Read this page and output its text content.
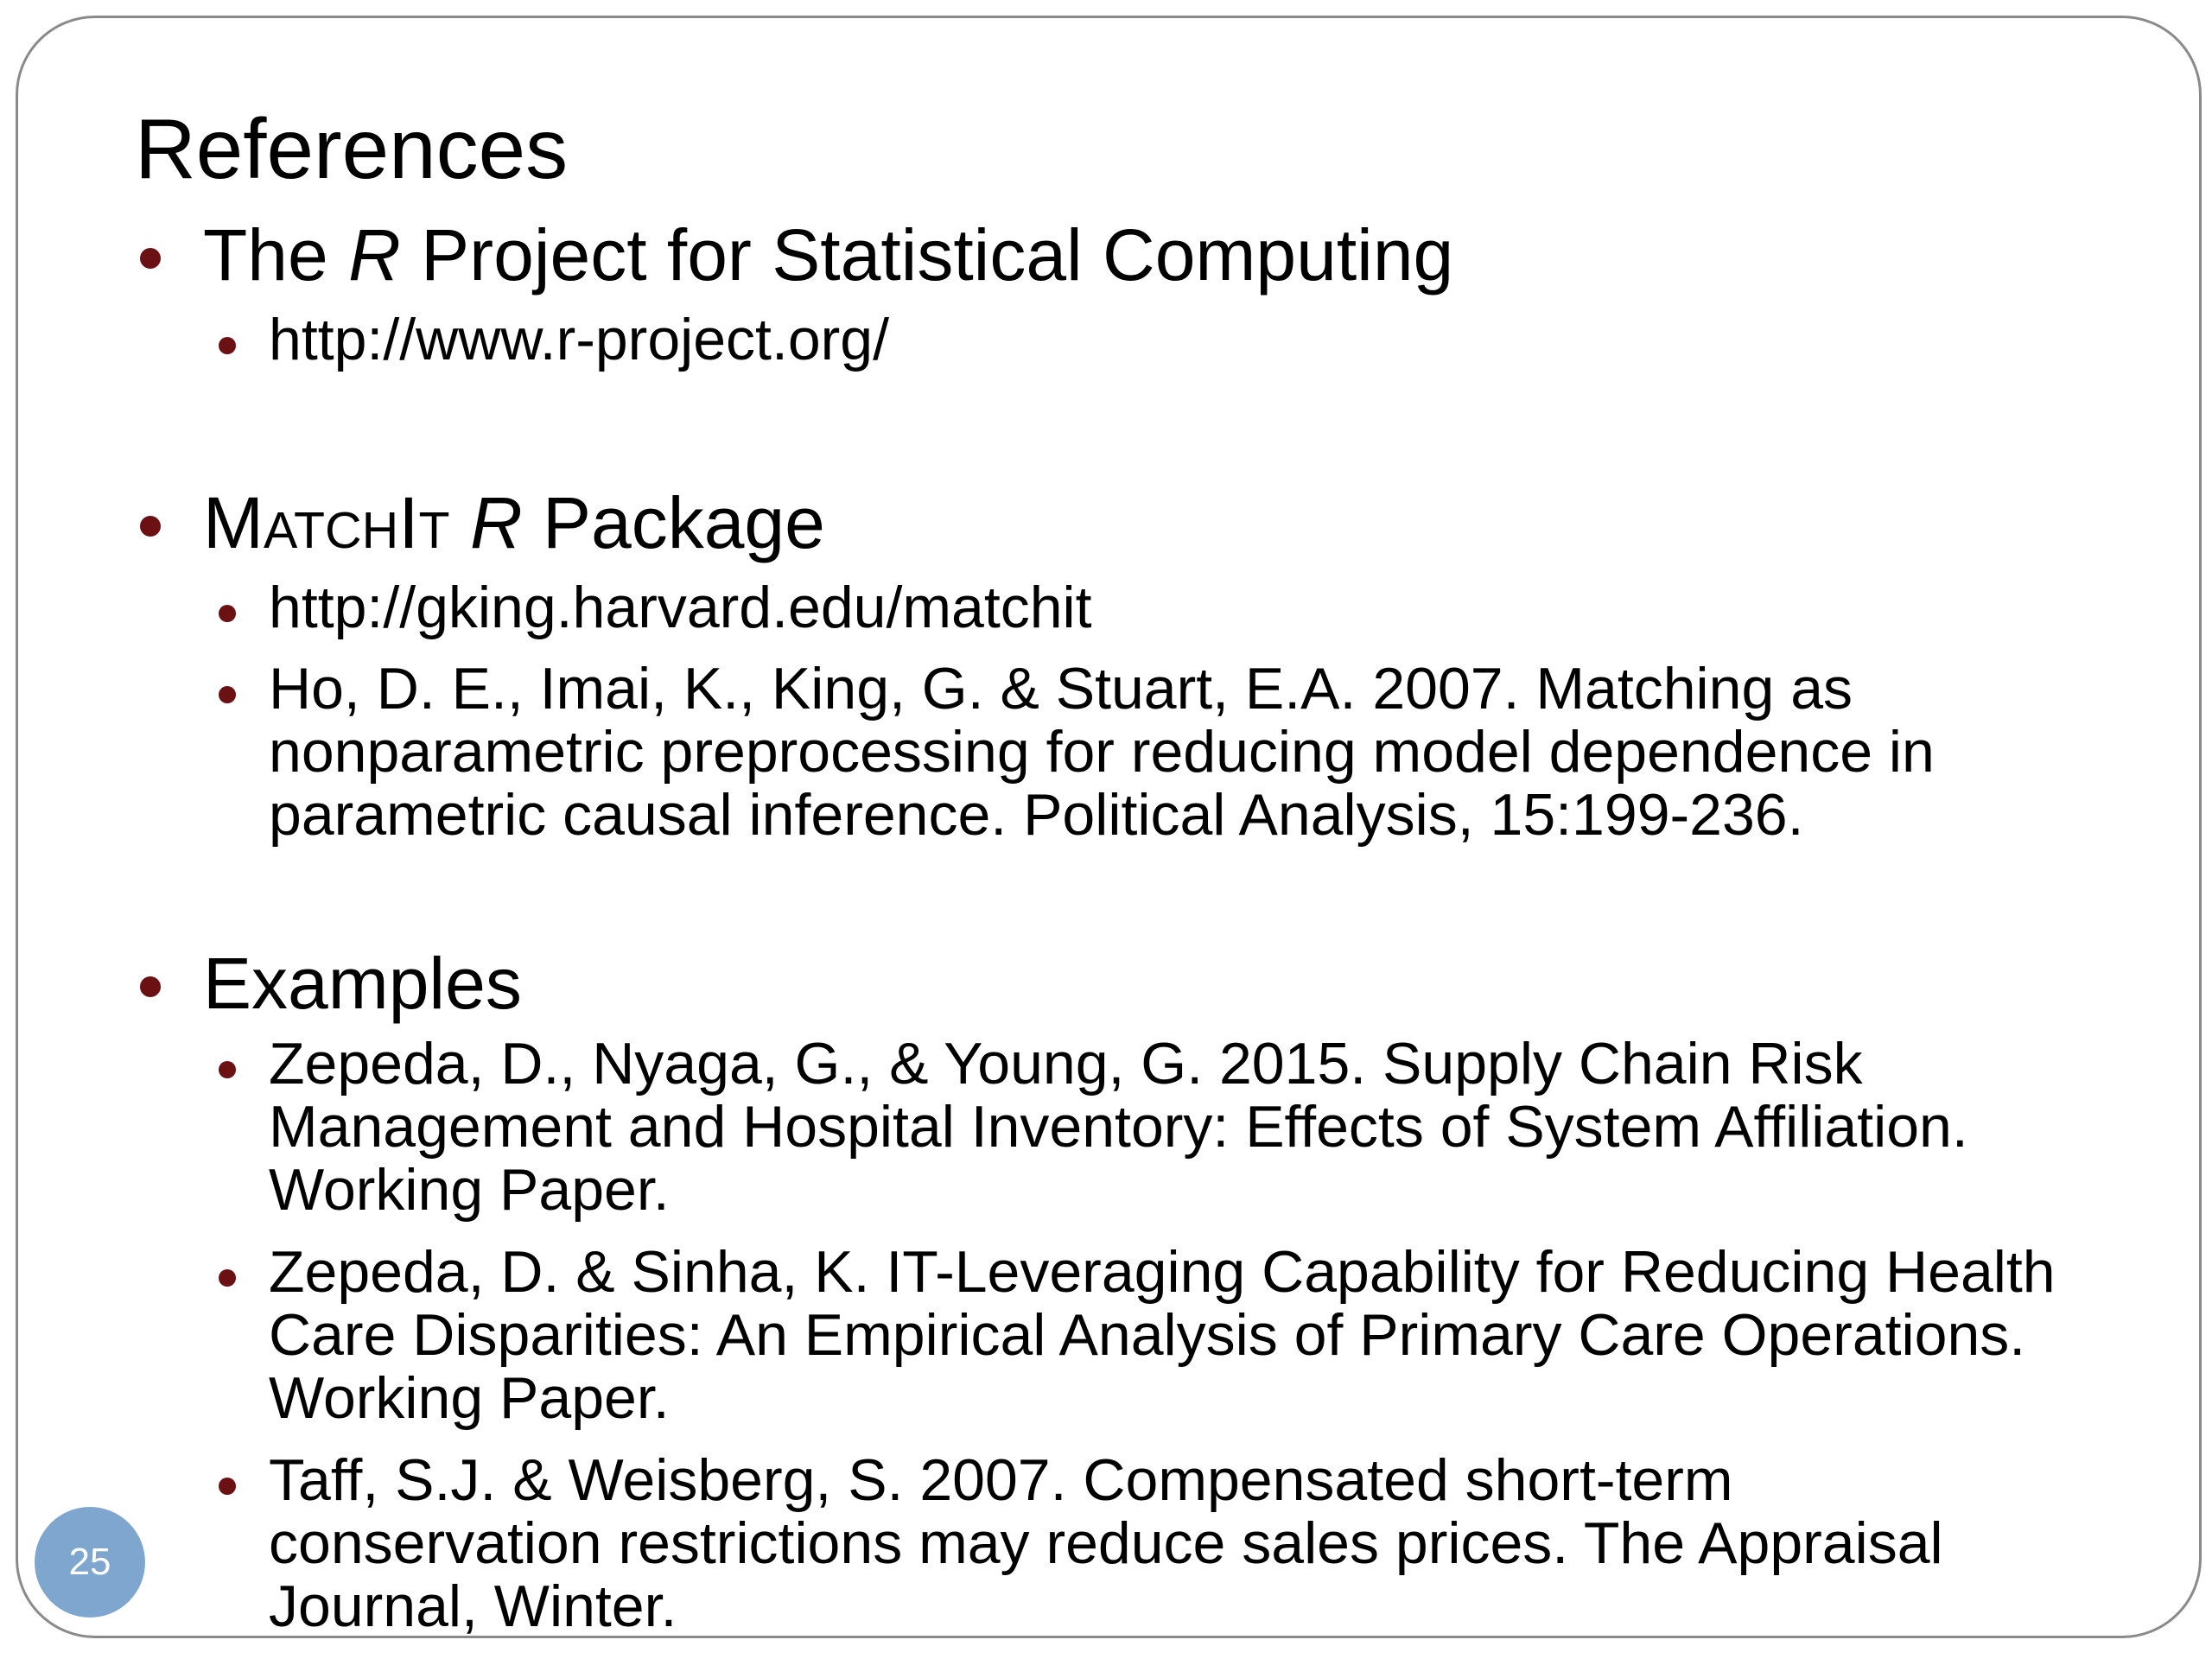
References
The R Project for Statistical Computing
http://www.r-project.org/
MatchIt R Package
http://gking.harvard.edu/matchit
Ho, D. E., Imai, K., King, G. & Stuart, E.A. 2007. Matching as nonparametric preprocessing for reducing model dependence in parametric causal inference. Political Analysis, 15:199-236.
Examples
Zepeda, D., Nyaga, G., & Young, G. 2015. Supply Chain Risk Management and Hospital Inventory: Effects of System Affiliation. Working Paper.
Zepeda, D. & Sinha, K. IT-Leveraging Capability for Reducing Health Care Disparities: An Empirical Analysis of Primary Care Operations. Working Paper.
Taff, S.J. & Weisberg, S. 2007. Compensated short-term conservation restrictions may reduce sales prices. The Appraisal Journal, Winter.
25
